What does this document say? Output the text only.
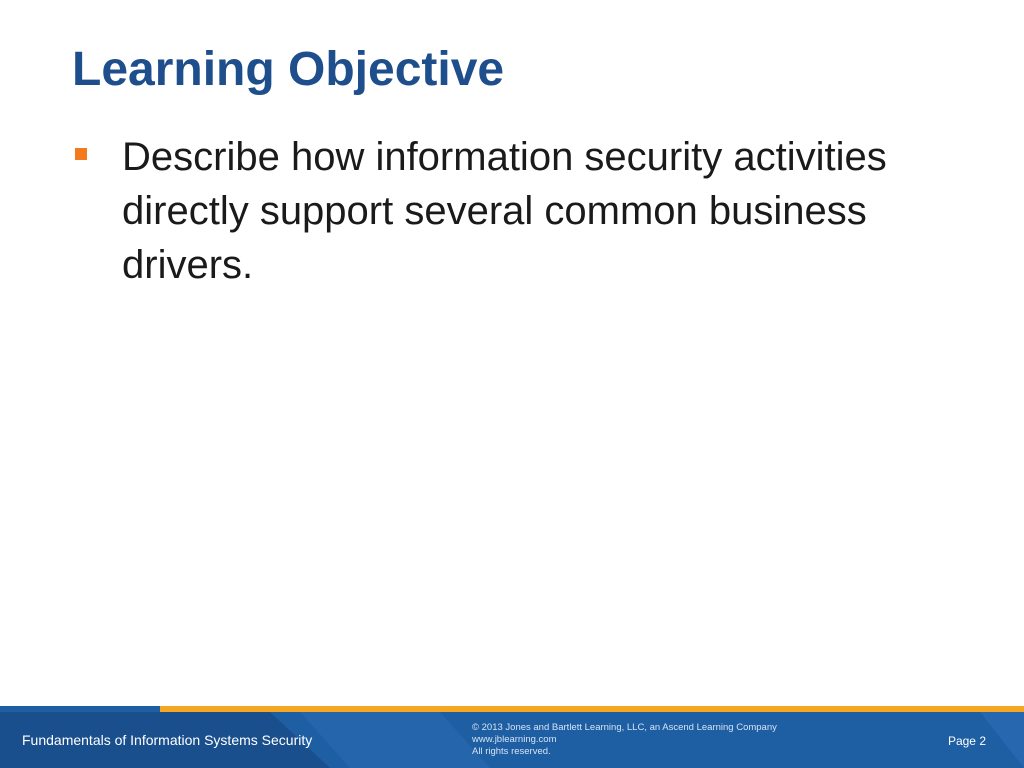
Learning Objective
Describe how information security activities directly support several common business drivers.
Fundamentals of Information Systems Security
© 2013 Jones and Bartlett Learning, LLC, an Ascend Learning Company
www.jblearning.com
All rights reserved.
Page 2
